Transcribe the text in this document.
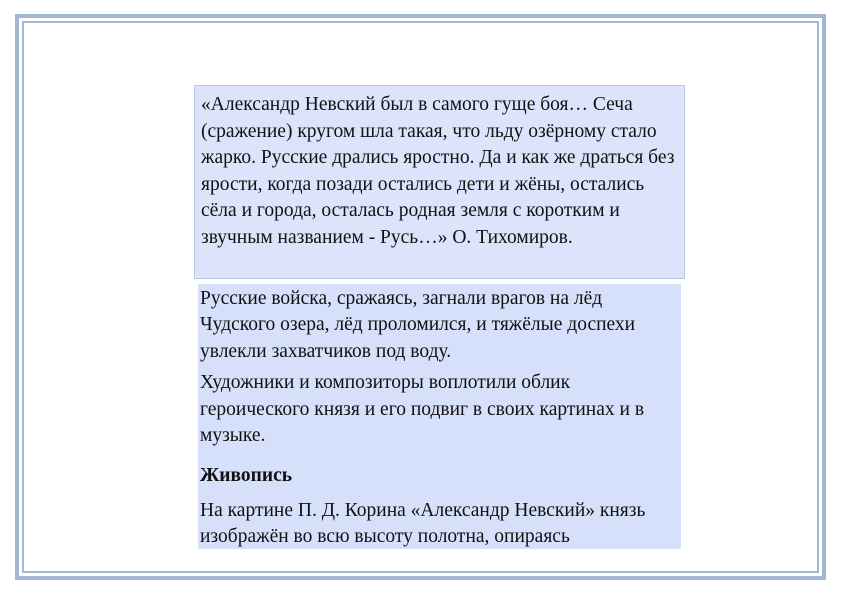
«Александр Невский был в самого гуще боя… Сеча (сражение) кругом шла такая, что льду озёрному стало жарко. Русские дрались яростно. Да и как же драться без ярости, когда позади остались дети и жёны, остались сёла и города, осталась родная земля с коротким и звучным названием - Русь…» О. Тихомиров.

Русские войска, сражаясь, загнали врагов на лёд Чудского озера, лёд проломился, и тяжёлые доспехи увлекли захватчиков под воду.

Художники и композиторы воплотили облик героического князя и его подвиг в своих картинах и в музыке.

Живопись

На картине П. Д. Корина «Александр Невский» князь изображён во всю высоту полотна, опираясь
